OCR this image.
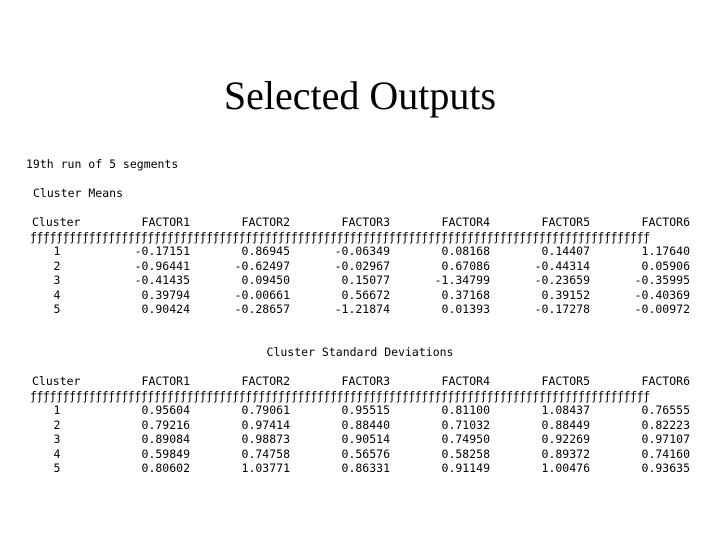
Selected Outputs
19th run of 5 segments
Cluster Means
Cluster	FACTOR1	FACTOR2	FACTOR3	FACTOR4	FACTOR5	FACTOR6
ƒƒƒƒƒƒƒƒƒƒƒƒƒƒƒƒƒƒƒƒƒƒƒƒƒƒƒƒƒƒƒƒƒƒƒƒƒƒƒƒƒƒƒƒƒƒƒƒƒƒƒƒƒƒƒƒƒƒƒƒƒƒƒƒƒƒƒƒƒƒƒƒƒƒƒƒƒƒƒƒƒƒƒƒƒƒƒƒƒƒƒƒƒƒƒ						
1	-0.17151	0.86945	-0.06349	0.08168	0.14407	1.17640
2	-0.96441	-0.62497	-0.02967	0.67086	-0.44314	0.05906
3	-0.41435	0.09450	0.15077	-1.34799	-0.23659	-0.35995
4	0.39794	-0.00661	0.56672	0.37168	0.39152	-0.40369
5	0.90424	-0.28657	-1.21874	0.01393	-0.17278	-0.00972
Cluster Standard Deviations
Cluster	FACTOR1	FACTOR2	FACTOR3	FACTOR4	FACTOR5	FACTOR6
ƒƒƒƒƒƒƒƒƒƒƒƒƒƒƒƒƒƒƒƒƒƒƒƒƒƒƒƒƒƒƒƒƒƒƒƒƒƒƒƒƒƒƒƒƒƒƒƒƒƒƒƒƒƒƒƒƒƒƒƒƒƒƒƒƒƒƒƒƒƒƒƒƒƒƒƒƒƒƒƒƒƒƒƒƒƒƒƒƒƒƒƒƒƒƒ						
1	0.95604	0.79061	0.95515	0.81100	1.08437	0.76555
2	0.79216	0.97414	0.88440	0.71032	0.88449	0.82223
3	0.89084	0.98873	0.90514	0.74950	0.92269	0.97107
4	0.59849	0.74758	0.56576	0.58258	0.89372	0.74160
5	0.80602	1.03771	0.86331	0.91149	1.00476	0.93635
